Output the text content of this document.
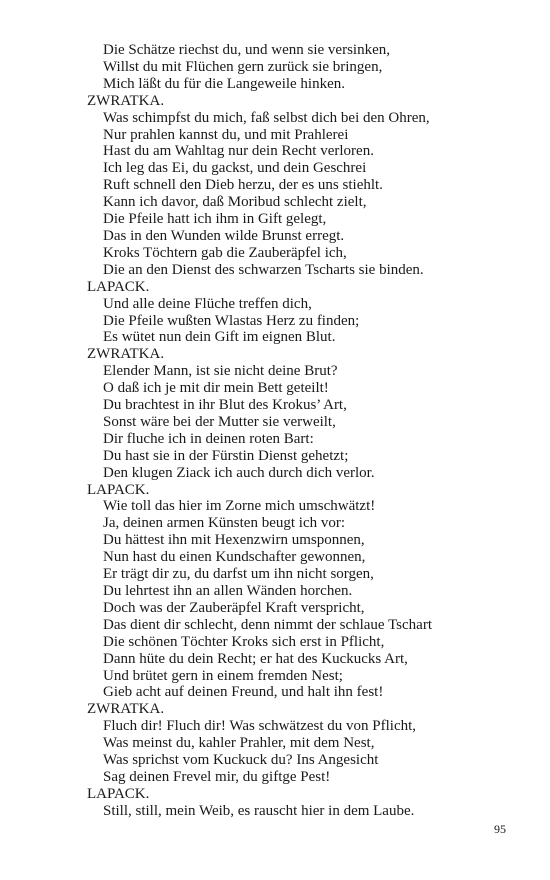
Die Schätze riechst du, und wenn sie versinken,
Willst du mit Flüchen gern zurück sie bringen,
Mich läßt du für die Langeweile hinken.
ZWRATKA.
Was schimpfst du mich, faß selbst dich bei den Ohren,
Nur prahlen kannst du, und mit Prahlerei
Hast du am Wahltag nur dein Recht verloren.
Ich leg das Ei, du gackst, und dein Geschrei
Ruft schnell den Dieb herzu, der es uns stiehlt.
Kann ich davor, daß Moribud schlecht zielt,
Die Pfeile hatt ich ihm in Gift gelegt,
Das in den Wunden wilde Brunst erregt.
Kroks Töchtern gab die Zauberäpfel ich,
Die an den Dienst des schwarzen Tscharts sie binden.
LAPACK.
Und alle deine Flüche treffen dich,
Die Pfeile wußten Wlastas Herz zu finden;
Es wütet nun dein Gift im eignen Blut.
ZWRATKA.
Elender Mann, ist sie nicht deine Brut?
O daß ich je mit dir mein Bett geteilt!
Du brachtest in ihr Blut des Krokus’ Art,
Sonst wäre bei der Mutter sie verweilt,
Dir fluche ich in deinen roten Bart:
Du hast sie in der Fürstin Dienst gehetzt;
Den klugen Ziack ich auch durch dich verlor.
LAPACK.
Wie toll das hier im Zorne mich umschwätzt!
Ja, deinen armen Künsten beugt ich vor:
Du hättest ihn mit Hexenzwirn umsponnen,
Nun hast du einen Kundschafter gewonnen,
Er trägt dir zu, du darfst um ihn nicht sorgen,
Du lehrtest ihn an allen Wänden horchen.
Doch was der Zauberäpfel Kraft verspricht,
Das dient dir schlecht, denn nimmt der schlaue Tschart
Die schönen Töchter Kroks sich erst in Pflicht,
Dann hüte du dein Recht; er hat des Kuckucks Art,
Und brütet gern in einem fremden Nest;
Gieb acht auf deinen Freund, und halt ihn fest!
ZWRATKA.
Fluch dir! Fluch dir! Was schwätzest du von Pflicht,
Was meinst du, kahler Prahler, mit dem Nest,
Was sprichst vom Kuckuck du? Ins Angesicht
Sag deinen Frevel mir, du giftge Pest!
LAPACK.
Still, still, mein Weib, es rauscht hier in dem Laube.
95
